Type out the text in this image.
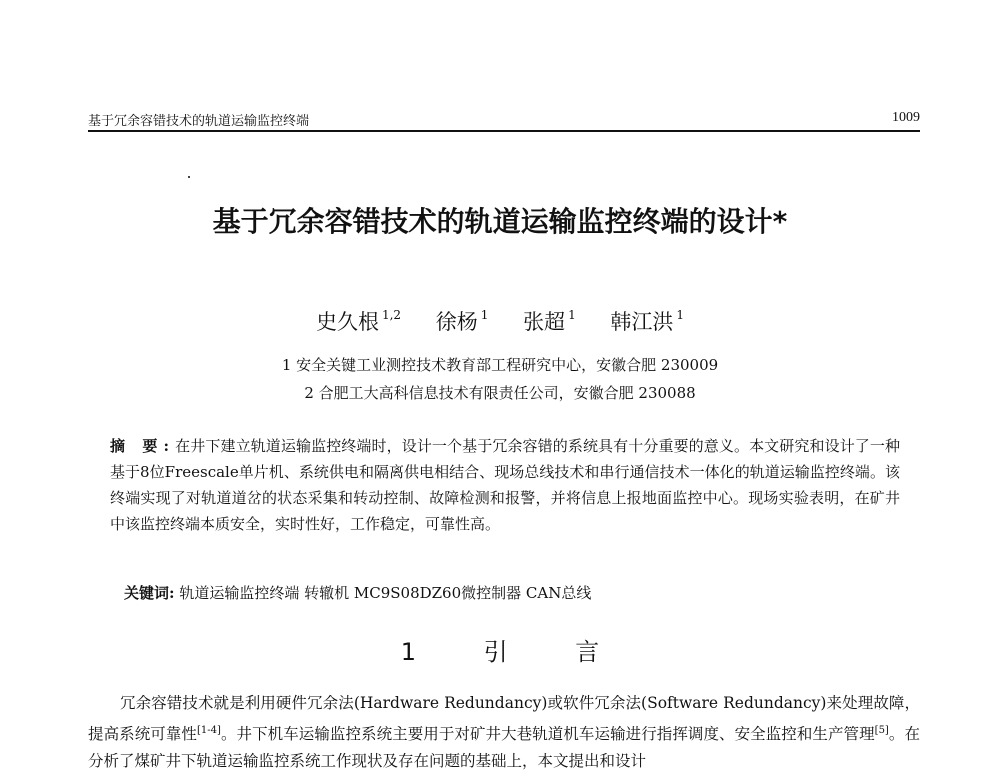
基于冗余容错技术的轨道运输监控终端	1009
基于冗余容错技术的轨道运输监控终端的设计*
史久根 $^{1,2}$ 徐杨 $^1$ 张超 $^1$ 韩江洪 $^1$
1 安全关键工业测控技术教育部工程研究中心，安徽合肥 230009
2 合肥工大高科信息技术有限责任公司，安徽合肥 230088
摘 要:在井下建立轨道运输监控终端时，设计一个基于冗余容错的系统具有十分重要的意义。本文研究和设计了一种基于8位Freescale单片机、系统供电和隔离供电相结合、现场总线技术和串行通信技术一体化的轨道运输监控终端。该终端实现了对轨道道岔的状态采集和转动控制、故障检测和报警，并将信息上报地面监控中心。现场实验表明，在矿井中该监控终端本质安全，实时性好，工作稳定，可靠性高。
关键词: 轨道运输监控终端 转辙机 MC9S08DZ60微控制器 CAN总线
1	引 言
冗余容错技术就是利用硬件冗余法(Hardware Redundancy)或软件冗余法(Software Redundancy)来处理故障，提高系统可靠性[1-4]。井下机车运输监控系统主要用于对矿井大巷轨道机车运输进行指挥调度、安全监控和生产管理[5]。在分析了煤矿井下轨道运输监控系统工作现状及存在问题的基础上，本文提出和设计
